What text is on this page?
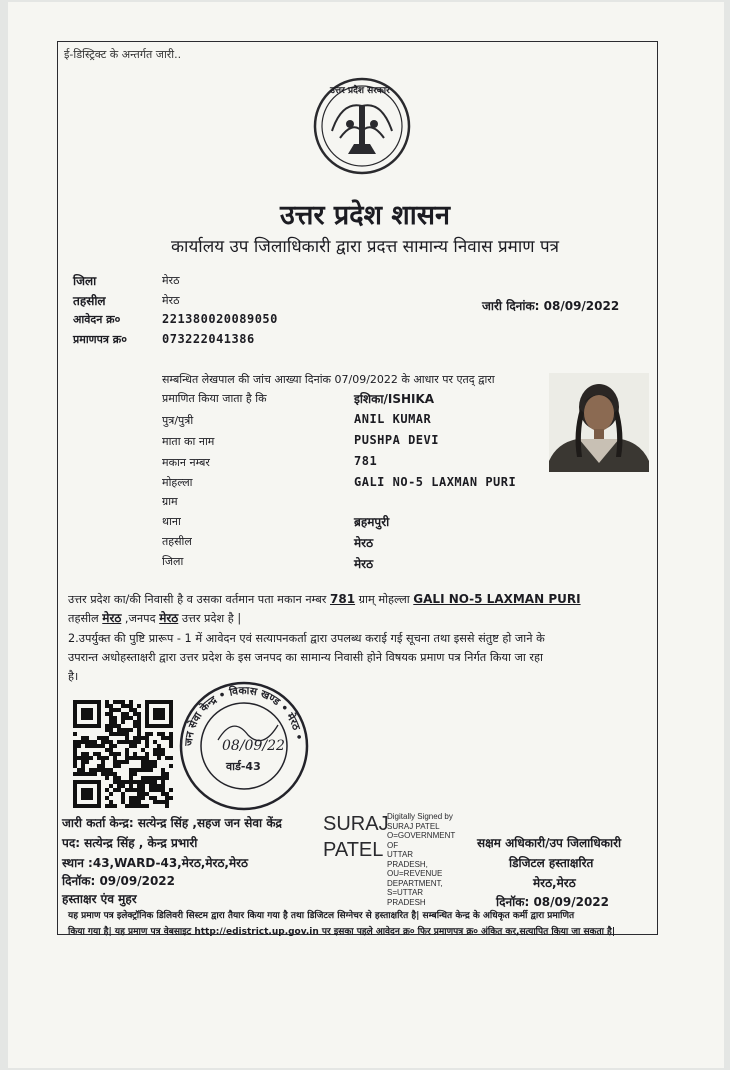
ई-डिस्ट्रिक्ट के अन्तर्गत जारी..
उत्तर प्रदेश सरकार
उत्तर प्रदेश शासन
कार्यालय उप जिलाधिकारी द्वारा प्रदत्त सामान्य निवास प्रमाण पत्र
जिला	मेरठ
तहसील	मेरठ
आवेदन क्र०	221380020089050
प्रमाणपत्र क्र०	073222041386
जारी दिनांक: 08/09/2022
सम्बन्धित लेखपाल की जांच आख्या दिनांक 07/09/2022 के आधार पर एतद् द्वारा
प्रमाणित किया जाता है कि	इशिका/ISHIKA
पुत्र/पुत्री	ANIL KUMAR
माता का नाम	PUSHPA DEVI
मकान नम्बर	781
मोहल्ला	GALI NO-5 LAXMAN PURI
ग्राम
थाना	ब्रहमपुरी
तहसील	मेरठ
जिला	मेरठ
उत्तर प्रदेश का/की निवासी है व उसका वर्तमान पता मकान नम्बर 781 ग्राम् मोहल्ला GALI NO-5 LAXMAN PURI
तहसील मेरठ ,जनपद मेरठ उत्तर प्रदेश है |
2.उपर्युक्त की पुष्टि प्रारूप - 1 में आवेदन एवं सत्यापनकर्ता द्वारा उपलब्ध कराई गई सूचना तथा इससे संतुष्ट हो जाने के
उपरान्त अधोहस्ताक्षरी द्वारा उत्तर प्रदेश के इस जनपद का सामान्य निवासी होने विषयक प्रमाण पत्र निर्गत किया जा रहा
है।
जन सेवा केन्द्र • विकास खण्ड • मेरठ •
08/09/22
वार्ड-43
जारी कर्ता केन्द्र: सत्येन्द्र सिंह ,सहज जन सेवा केंद्र
पद: सत्येन्द्र सिंह , केन्द्र प्रभारी
स्थान :43,WARD-43,मेरठ,मेरठ,मेरठ
दिनॉक: 09/09/2022
हस्ताक्षर एंव मुहर
SURAJ
PATEL
Digitally Signed by
SURAJ PATEL
O=GOVERNMENT OF
UTTAR PRADESH,
OU=REVENUE
DEPARTMENT,
S=UTTAR PRADESH
सक्षम अधिकारी/उप जिलाधिकारी
डिजिटल हस्ताक्षरित
मेरठ,मेरठ
दिनॉक: 08/09/2022
यह प्रमाण पत्र इलेक्ट्रॉनिक डिलिवरी सिस्टम द्वारा तैयार किया गया है तथा डिजिटल सिग्नेचर से हस्ताक्षरित है| सम्बन्धित केन्द्र के अधिकृत कर्मी द्वारा प्रमाणित
किया गया है| यह प्रमाण पत्र वेबसाइट http://edistrict.up.gov.in पर इसका पहले आवेदन क्र० फिर प्रमाणपत्र क्र० अंकित कर,सत्यापित किया जा सकता है|
